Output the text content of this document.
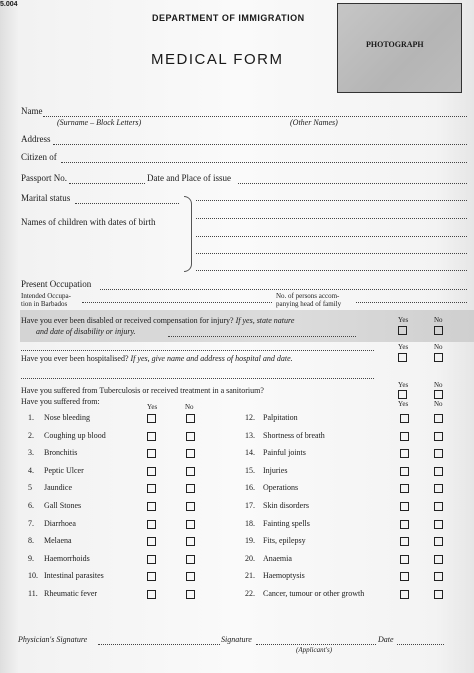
5.004
DEPARTMENT OF IMMIGRATION
MEDICAL FORM
PHOTOGRAPH
Name
(Surname – Block Letters)	(Other Names)
Address
Citizen of
Passport No.	Date and Place of issue
Marital status
Names of children with dates of birth
Present Occupation
Intended Occupa-
tion in Barbados
No. of persons accom-
panying head of family
Have you ever been disabled or received compensation for injury? If yes, state nature
and date of disability or injury.
Yes	No
Yes	No
Have you ever been hospitalised? If yes, give name and address of hospital and date.
Have you suffered from Tuberculosis or received treatment in a sanitorium?
Yes	No
Have you suffered from:
Yes	No	Yes	No
1. Nose bleeding
2. Coughing up blood
3. Bronchitis
4. Peptic Ulcer
5 Jaundice
6. Gall Stones
7. Diarrhoea
8. Melaena
9. Haemorrhoids
10. Intestinal parasites
11. Rheumatic fever
12. Palpitation
13. Shortness of breath
14. Painful joints
15. Injuries
16. Operations
17. Skin disorders
18. Fainting spells
19. Fits, epilepsy
20. Anaemia
21. Haemoptysis
22. Cancer, tumour or other growth
Physician's Signature	Signature	Date
(Applicant's)
